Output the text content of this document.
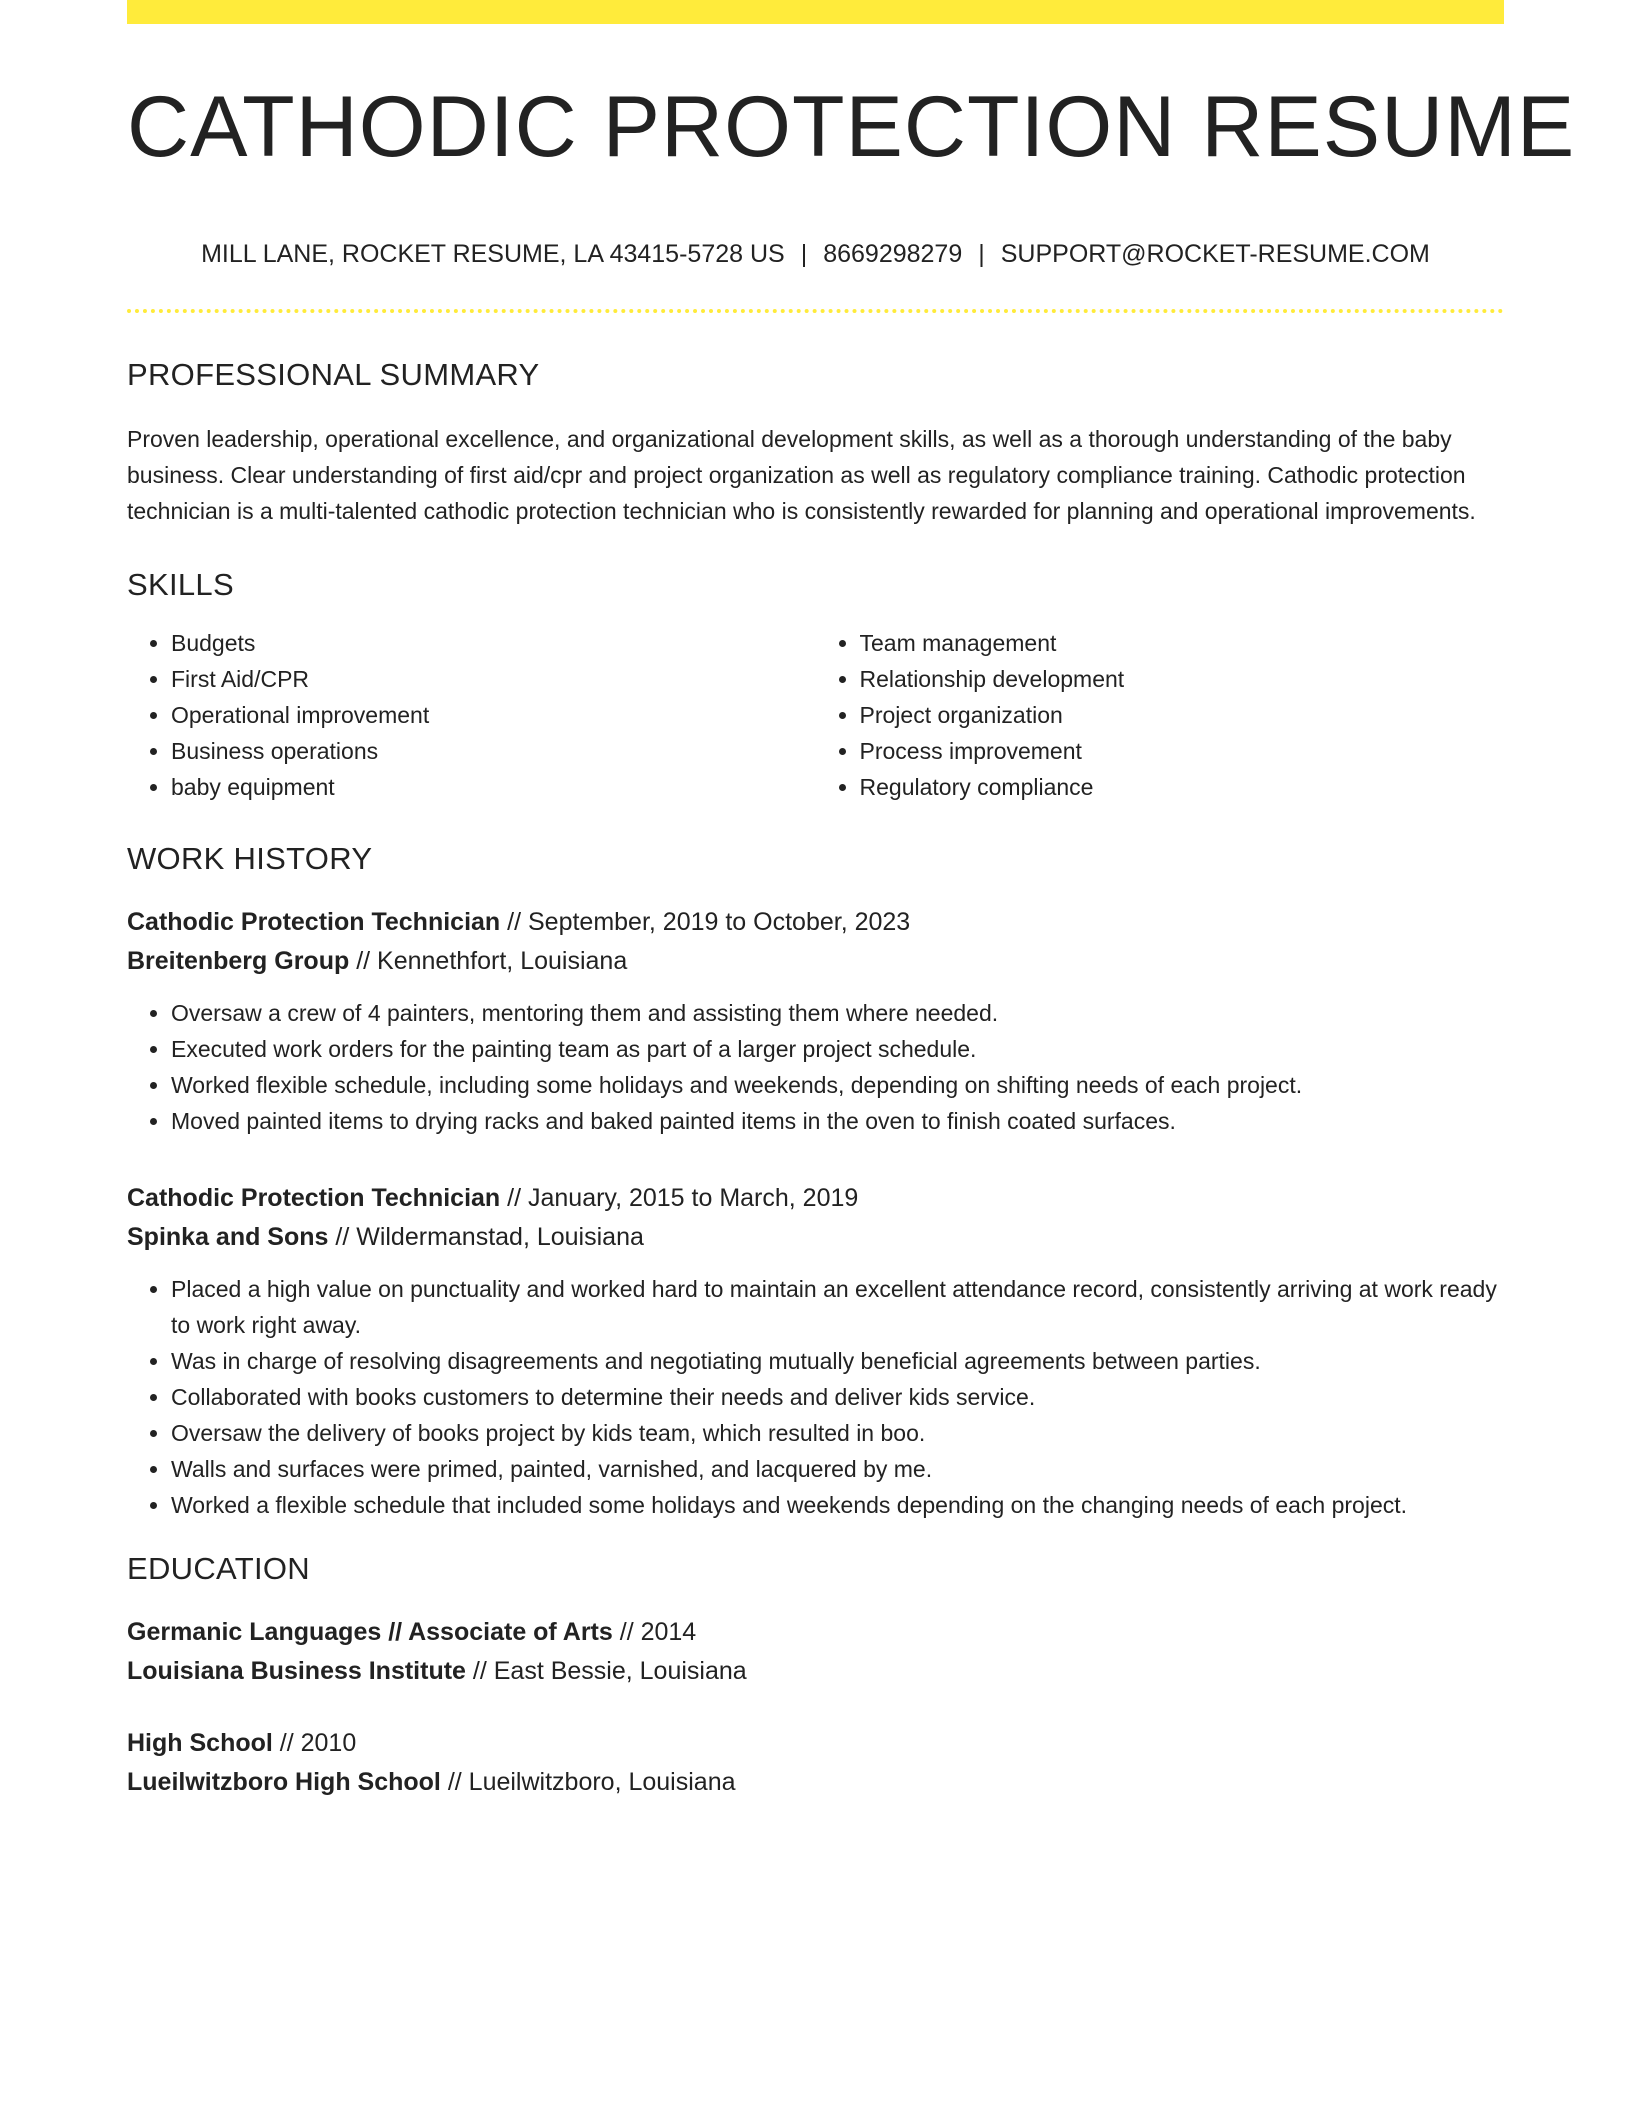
CATHODIC PROTECTION RESUME
MILL LANE, ROCKET RESUME, LA 43415-5728 US | 8669298279 | SUPPORT@ROCKET-RESUME.COM
PROFESSIONAL SUMMARY
Proven leadership, operational excellence, and organizational development skills, as well as a thorough understanding of the baby business. Clear understanding of first aid/cpr and project organization as well as regulatory compliance training. Cathodic protection technician is a multi-talented cathodic protection technician who is consistently rewarded for planning and operational improvements.
SKILLS
• Budgets
• First Aid/CPR
• Operational improvement
• Business operations
• baby equipment
• Team management
• Relationship development
• Project organization
• Process improvement
• Regulatory compliance
WORK HISTORY
Cathodic Protection Technician // September, 2019 to October, 2023
Breitenberg Group // Kennethfort, Louisiana
• Oversaw a crew of 4 painters, mentoring them and assisting them where needed.
• Executed work orders for the painting team as part of a larger project schedule.
• Worked flexible schedule, including some holidays and weekends, depending on shifting needs of each project.
• Moved painted items to drying racks and baked painted items in the oven to finish coated surfaces.
Cathodic Protection Technician // January, 2015 to March, 2019
Spinka and Sons // Wildermanstad, Louisiana
• Placed a high value on punctuality and worked hard to maintain an excellent attendance record, consistently arriving at work ready to work right away.
• Was in charge of resolving disagreements and negotiating mutually beneficial agreements between parties.
• Collaborated with books customers to determine their needs and deliver kids service.
• Oversaw the delivery of books project by kids team, which resulted in boo.
• Walls and surfaces were primed, painted, varnished, and lacquered by me.
• Worked a flexible schedule that included some holidays and weekends depending on the changing needs of each project.
EDUCATION
Germanic Languages // Associate of Arts // 2014
Louisiana Business Institute // East Bessie, Louisiana
High School // 2010
Lueilwitzboro High School // Lueilwitzboro, Louisiana
